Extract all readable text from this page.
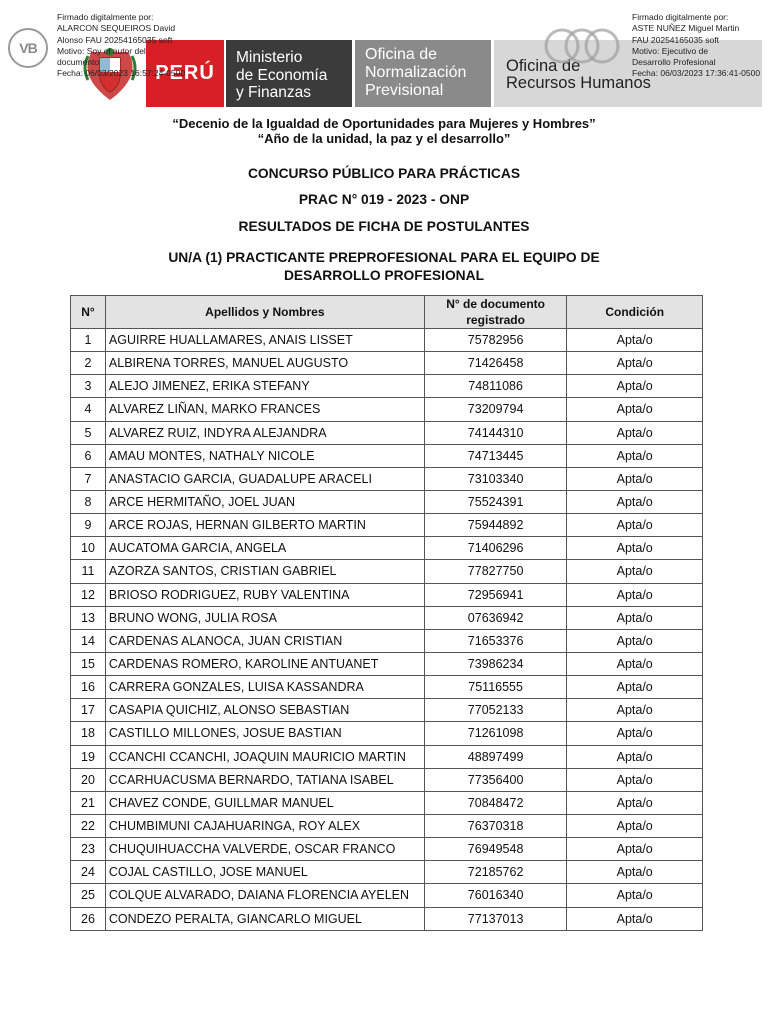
VB
Firmado digitalmente por:
ALARCON SEQUEIROS David
Alonso FAU 20254165035 soft
Motivo: Soy el autor del
documento
Fecha: 06/03/2023 16:57:24-0500
PERÚ
Ministerio
de Economía
y Finanzas
Oficina de
Normalización
Previsional
Oficina de
Recursos Humanos
Firmado digitalmente por:
ASTE NUÑEZ Miguel Martin
FAU 20254165035 soft
Motivo: Ejecutivo de
Desarrollo Profesional
Fecha: 06/03/2023 17:36:41-0500
“Decenio de la Igualdad de Oportunidades para Mujeres y Hombres”
“Año de la unidad, la paz y el desarrollo”
CONCURSO PÚBLICO PARA PRÁCTICAS
PRAC N° 019 - 2023 - ONP
RESULTADOS DE FICHA DE POSTULANTES
UN/A (1) PRACTICANTE PREPROFESIONAL PARA EL EQUIPO DE DESARROLLO PROFESIONAL
N°	Apellidos y Nombres	N° de documento
registrado	Condición
1	AGUIRRE HUALLAMARES, ANAIS LISSET	75782956	Apta/o
2	ALBIRENA TORRES, MANUEL AUGUSTO	71426458	Apta/o
3	ALEJO JIMENEZ, ERIKA STEFANY	74811086	Apta/o
4	ALVAREZ LIÑAN, MARKO FRANCES	73209794	Apta/o
5	ALVAREZ RUIZ, INDYRA ALEJANDRA	74144310	Apta/o
6	AMAU MONTES, NATHALY NICOLE	74713445	Apta/o
7	ANASTACIO GARCIA, GUADALUPE ARACELI	73103340	Apta/o
8	ARCE HERMITAÑO, JOEL JUAN	75524391	Apta/o
9	ARCE ROJAS, HERNAN GILBERTO MARTIN	75944892	Apta/o
10	AUCATOMA GARCIA, ANGELA	71406296	Apta/o
11	AZORZA SANTOS, CRISTIAN GABRIEL	77827750	Apta/o
12	BRIOSO RODRIGUEZ, RUBY VALENTINA	72956941	Apta/o
13	BRUNO WONG, JULIA ROSA	07636942	Apta/o
14	CARDENAS ALANOCA, JUAN CRISTIAN	71653376	Apta/o
15	CARDENAS ROMERO, KAROLINE ANTUANET	73986234	Apta/o
16	CARRERA GONZALES, LUISA KASSANDRA	75116555	Apta/o
17	CASAPIA QUICHIZ, ALONSO SEBASTIAN	77052133	Apta/o
18	CASTILLO MILLONES, JOSUE BASTIAN	71261098	Apta/o
19	CCANCHI CCANCHI, JOAQUIN MAURICIO MARTIN	48897499	Apta/o
20	CCARHUACUSMA BERNARDO, TATIANA ISABEL	77356400	Apta/o
21	CHAVEZ CONDE, GUILLMAR MANUEL	70848472	Apta/o
22	CHUMBIMUNI CAJAHUARINGA, ROY ALEX	76370318	Apta/o
23	CHUQUIHUACCHA VALVERDE, OSCAR FRANCO	76949548	Apta/o
24	COJAL CASTILLO, JOSE MANUEL	72185762	Apta/o
25	COLQUE ALVARADO, DAIANA FLORENCIA AYELEN	76016340	Apta/o
26	CONDEZO PERALTA, GIANCARLO MIGUEL	77137013	Apta/o
